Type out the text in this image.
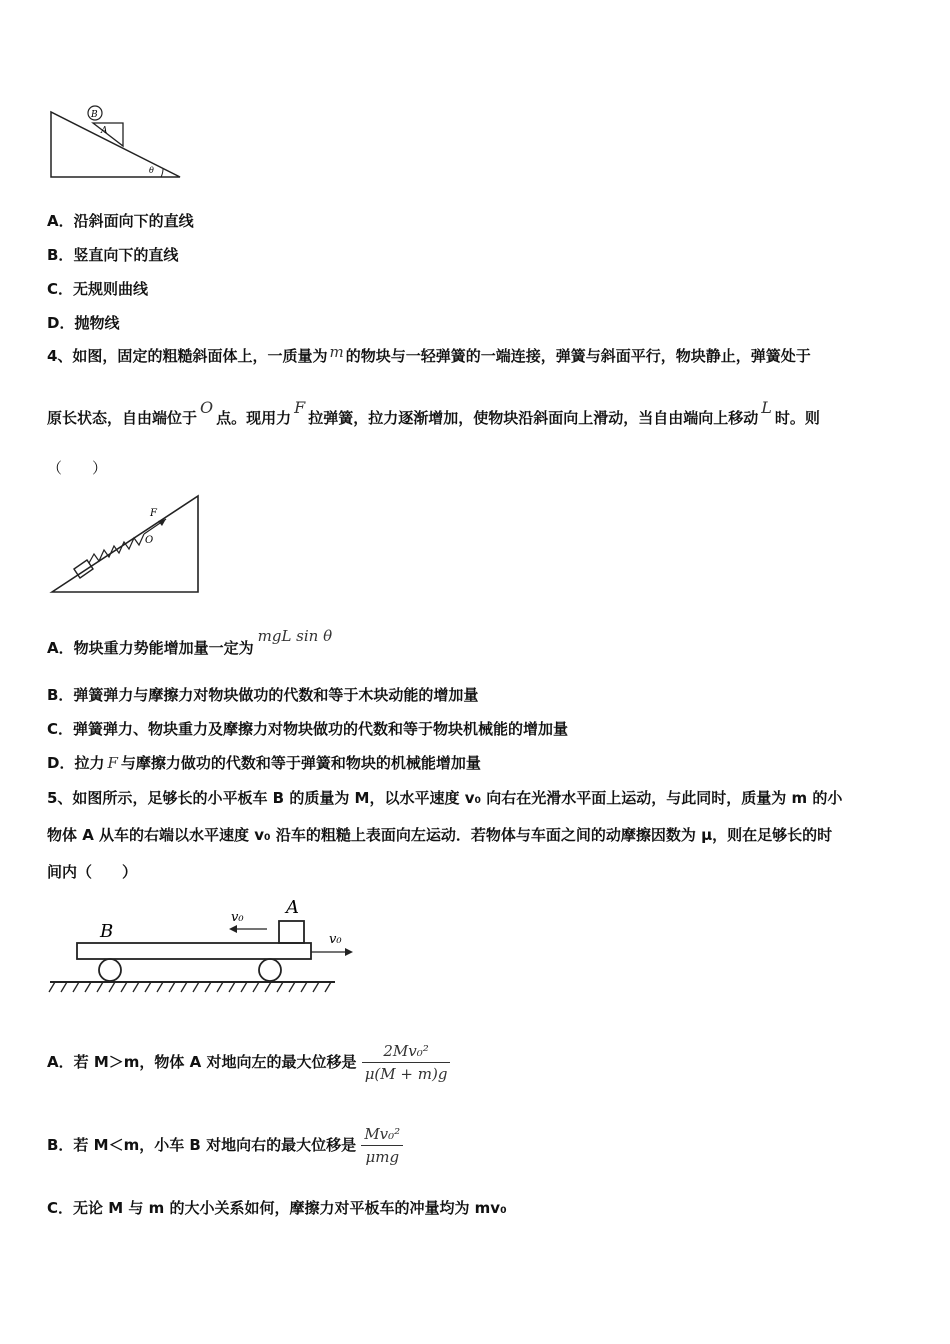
B
A
θ
A．沿斜面向下的直线
B．竖直向下的直线
C．无规则曲线
D．抛物线
4、如图，固定的粗糙斜面体上，一质量为 m 的物块与一轻弹簧的一端连接，弹簧与斜面平行，物块静止，弹簧处于
原长状态，自由端位于O点。现用力F拉弹簧，拉力逐渐增加，使物块沿斜面向上滑动，当自由端向上移动L时。则
（　　）
F
O
A．物块重力势能增加量一定为mgL sin θ
B．弹簧弹力与摩擦力对物块做功的代数和等于木块动能的增加量
C．弹簧弹力、物块重力及摩擦力对物块做功的代数和等于物块机械能的增加量
D．拉力 F 与摩擦力做功的代数和等于弹簧和物块的机械能增加量
5、如图所示，足够长的小平板车 B 的质量为 M，以水平速度 v₀ 向右在光滑水平面上运动，与此同时，质量为 m 的小
物体 A 从车的右端以水平速度 v₀ 沿车的粗糙上表面向左运动．若物体与车面之间的动摩擦因数为 μ，则在足够长的时
间内（　　）
B
A
v₀
v₀
A．若 M＞m，物体 A 对地向左的最大位移是 $\frac{\text{2Mv₀²}}{\mu(M + m)g}$
B．若 M＜m，小车 B 对地向右的最大位移是 $\frac{\text{Mv₀²}}{\text{μmg}}$
C．无论 M 与 m 的大小关系如何，摩擦力对平板车的冲量均为 mv₀
